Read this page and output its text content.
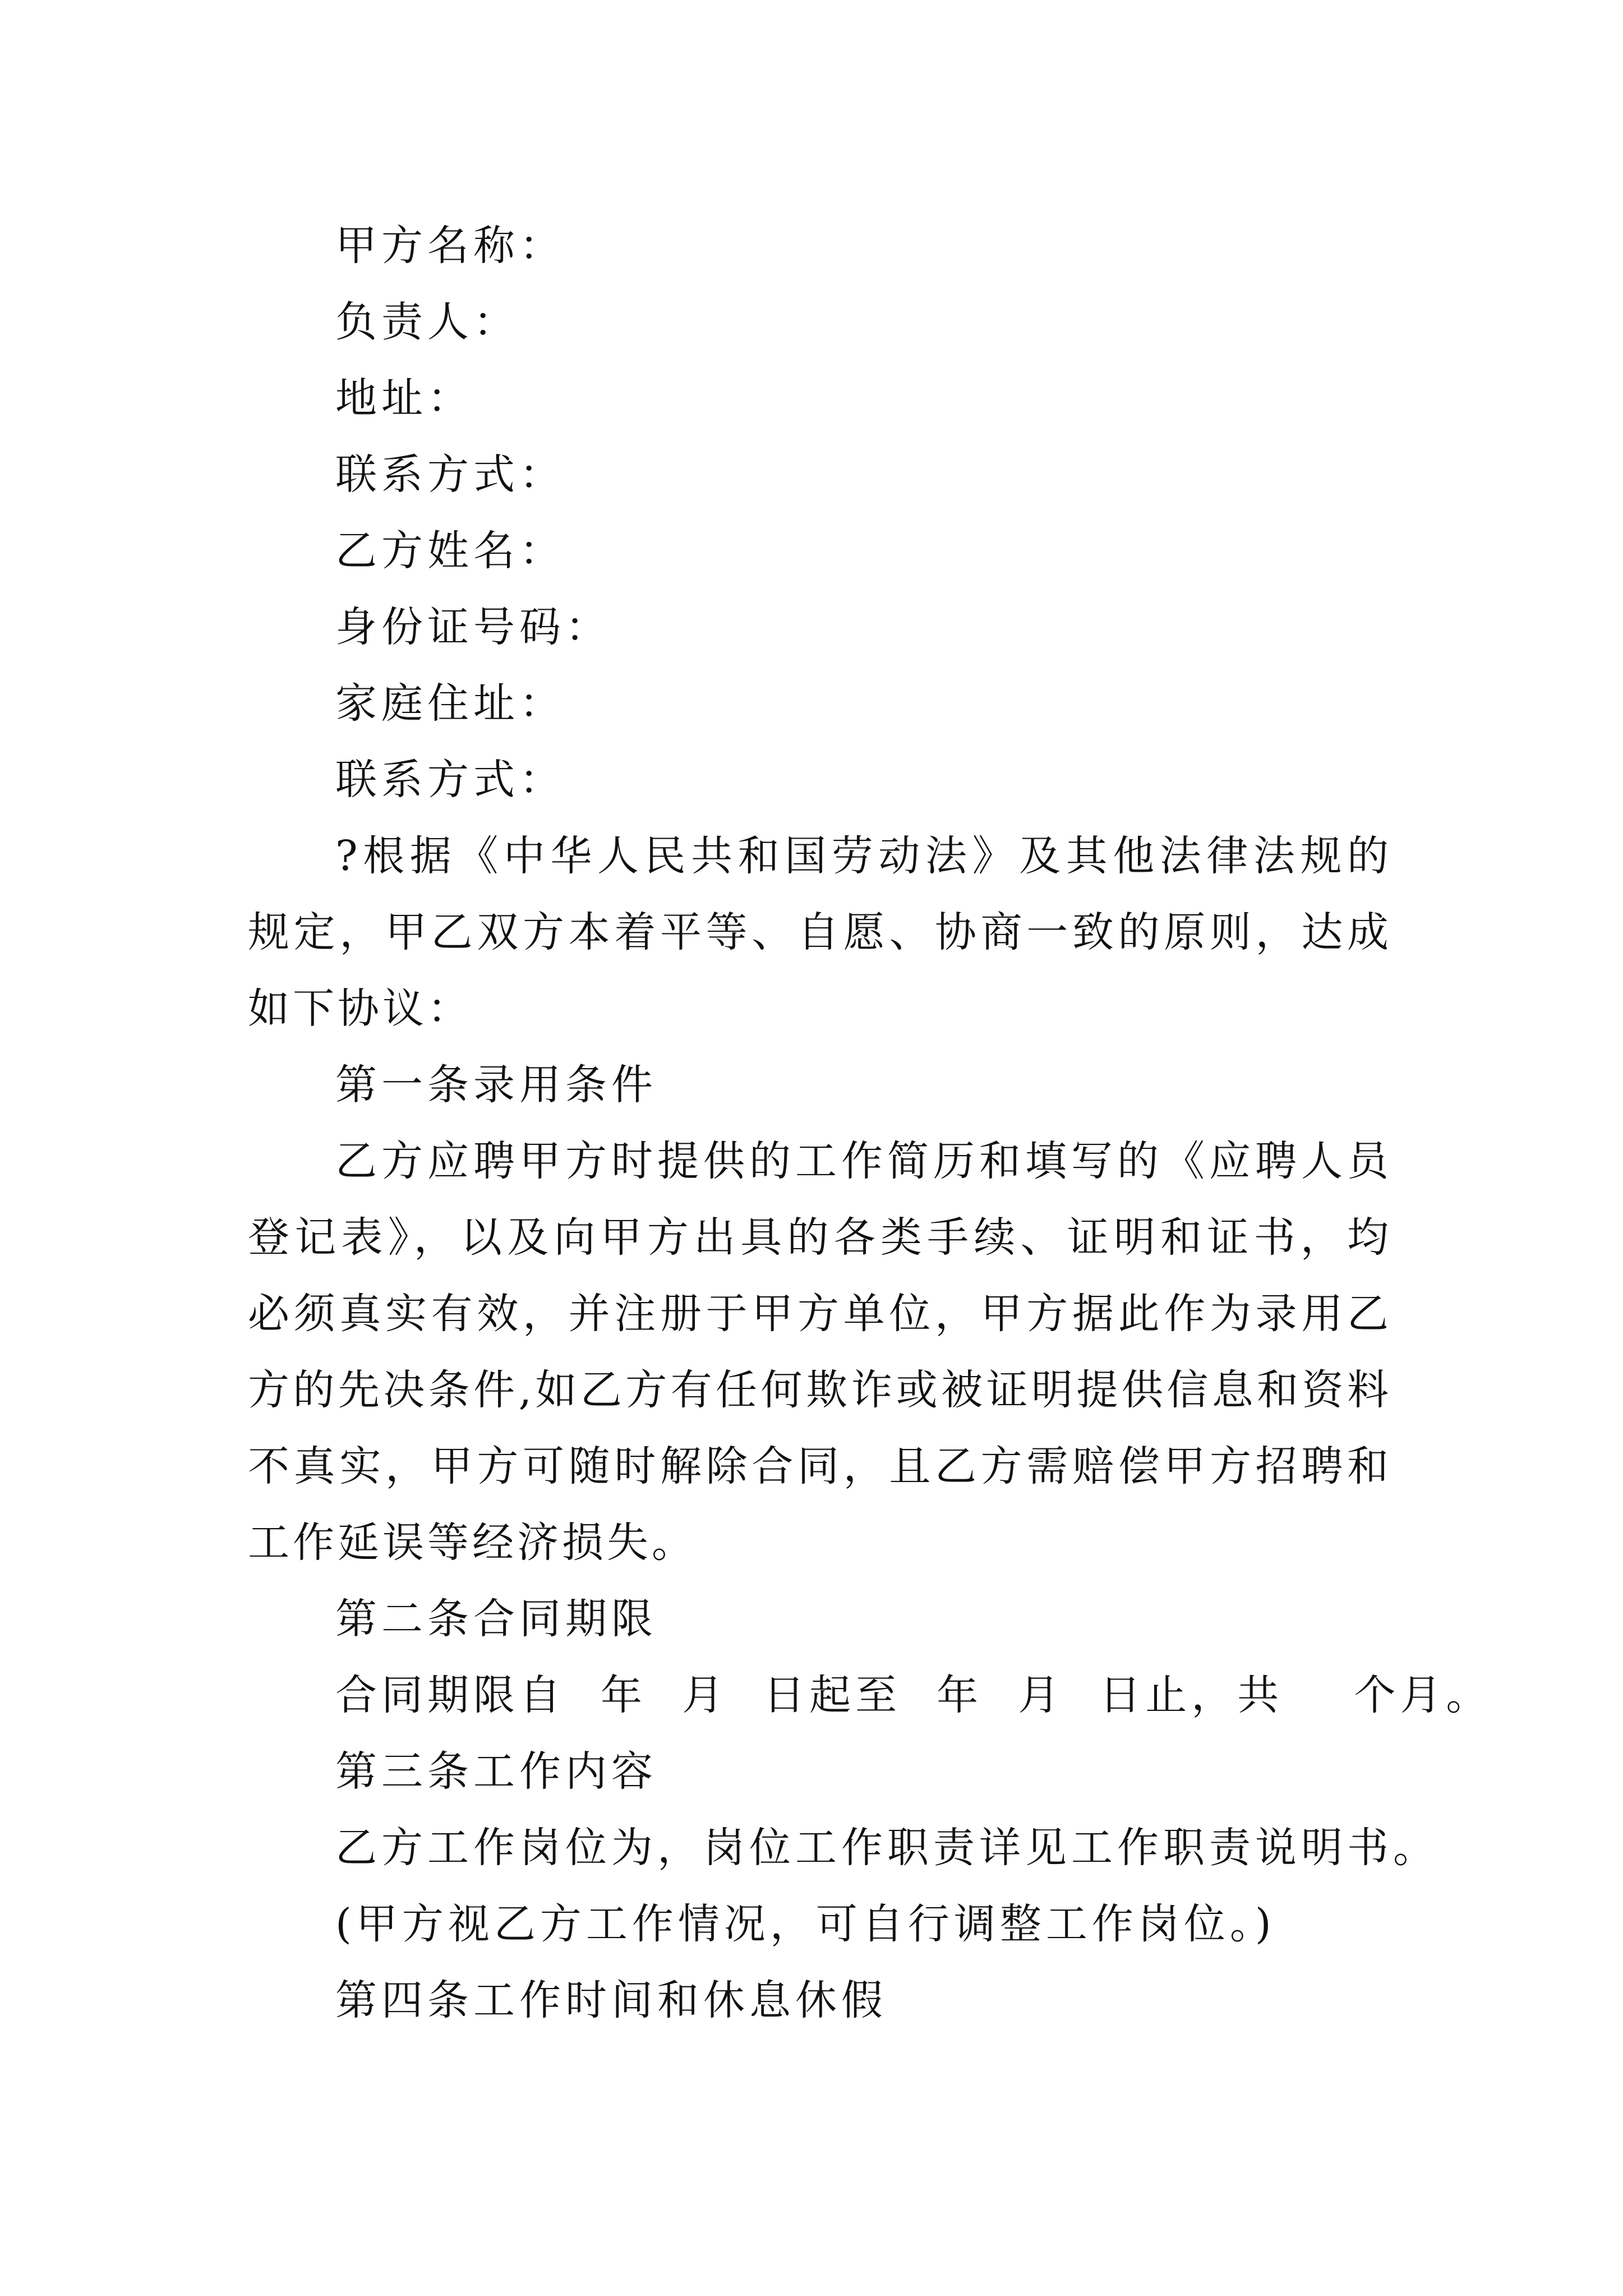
甲方名称：

负责人：

地址：

联系方式：

乙方姓名：

身份证号码：

家庭住址：

联系方式：

?根据《中华人民共和国劳动法》及其他法律法规的规定，甲乙双方本着平等、自愿、协商一致的原则，达成如下协议：

第一条录用条件

乙方应聘甲方时提供的工作简历和填写的《应聘人员登记表》，以及向甲方出具的各类手续、证明和证书，均必须真实有效，并注册于甲方单位，甲方据此作为录用乙方的先决条件,如乙方有任何欺诈或被证明提供信息和资料不真实，甲方可随时解除合同，且乙方需赔偿甲方招聘和工作延误等经济损失。

第二条合同期限

合同期限自  年  月  日起至  年  月  日止，共    个月。

第三条工作内容

乙方工作岗位为，岗位工作职责详见工作职责说明书。

(甲方视乙方工作情况，可自行调整工作岗位。)

第四条工作时间和休息休假
